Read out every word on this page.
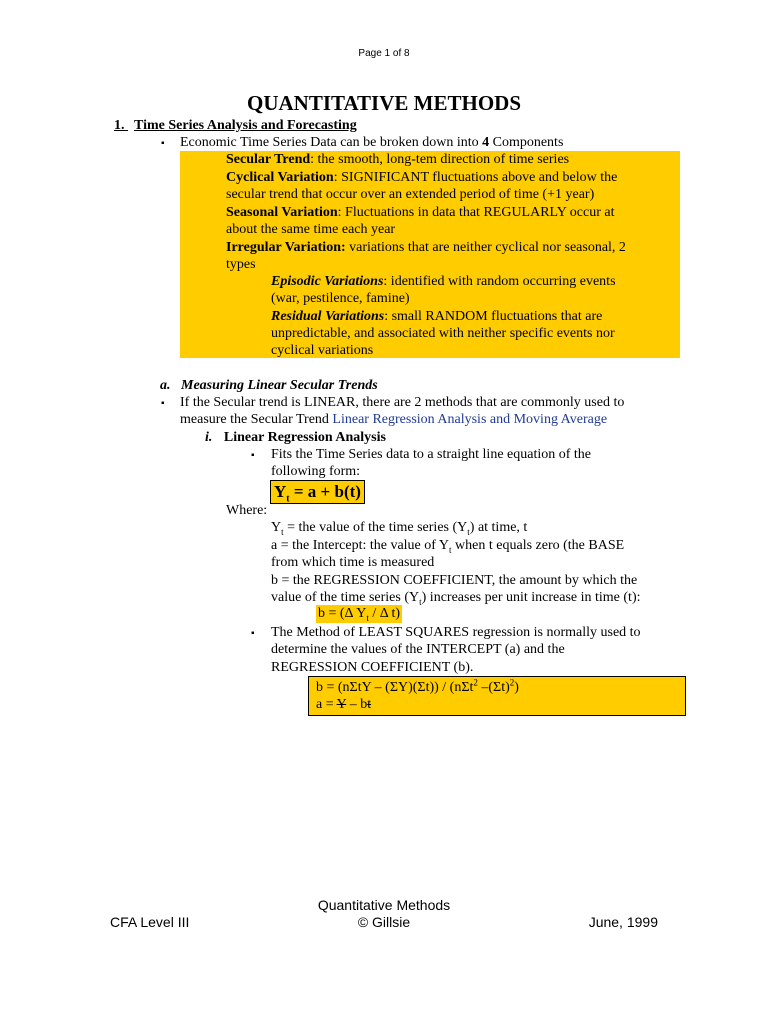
Page 1 of 8
QUANTITATIVE METHODS
1. Time Series Analysis and Forecasting
▪ Economic Time Series Data can be broken down into 4 Components
Secular Trend: the smooth, long-tem direction of time series
Cyclical Variation: SIGNIFICANT fluctuations above and below the
secular trend that occur over an extended period of time (+1 year)
Seasonal Variation: Fluctuations in data that REGULARLY occur at
about the same time each year
Irregular Variation: variations that are neither cyclical nor seasonal, 2
types
Episodic Variations: identified with random occurring events
(war, pestilence, famine)
Residual Variations: small RANDOM fluctuations that are
unpredictable, and associated with neither specific events nor
cyclical variations
a. Measuring Linear Secular Trends
▪ If the Secular trend is LINEAR, there are 2 methods that are commonly used to
measure the Secular Trend Linear Regression Analysis and Moving Average
i. Linear Regression Analysis
▪ Fits the Time Series data to a straight line equation of the
following form:
$Y_t = a + b(t)$
Where:
$Y_t$ = the value of the time series $(Y_t)$ at time, t
a = the Intercept: the value of $Y_t$ when t equals zero (the BASE
from which time is measured
b = the REGRESSION COEFFICIENT, the amount by which the
value of the time series $(Y_t)$ increases per unit increase in time (t):
b = (Δ $Y_t$ / Δ t)
▪ The Method of LEAST SQUARES regression is normally used to
determine the values of the INTERCEPT (a) and the
REGRESSION COEFFICIENT (b).
b = (nΣtY – (ΣY)(Σt)) / (nΣt$^2$ $-(\Sigma t)^2$)
a = Y – bt
CFA Level III
Quantitative Methods
© Gillsie	June, 1999
